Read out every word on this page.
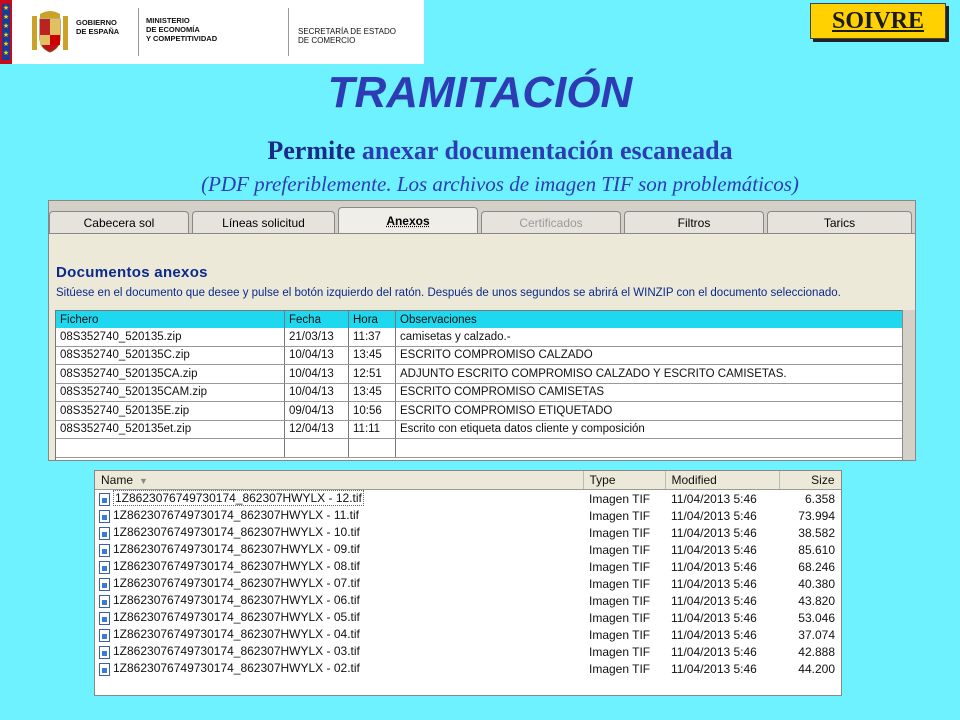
★
★
★
★
★
★
GOBIERNO
DE ESPAÑA
MINISTERIO
DE ECONOMÍA
Y COMPETITIVIDAD
SECRETARÍA DE ESTADO
DE COMERCIO
SOIVRE
TRAMITACIÓN
Permite anexar documentación escaneada
(PDF preferiblemente. Los archivos de imagen TIF son problemáticos)
Cabecera sol	Líneas solicitud	Anexos	Certificados	Filtros	Tarics
Documentos anexos
Sitúese en el documento que desee y pulse el botón izquierdo del ratón. Después de unos segundos se abrirá el WINZIP con el documento seleccionado.
Fichero	Fecha	Hora	Observaciones
08S352740_520135.zip	21/03/13	11:37	camisetas y calzado.-
08S352740_520135C.zip	10/04/13	13:45	ESCRITO COMPROMISO CALZADO
08S352740_520135CA.zip	10/04/13	12:51	ADJUNTO ESCRITO COMPROMISO CALZADO Y ESCRITO CAMISETAS.
08S352740_520135CAM.zip	10/04/13	13:45	ESCRITO COMPROMISO CAMISETAS
08S352740_520135E.zip	09/04/13	10:56	ESCRITO COMPROMISO ETIQUETADO
08S352740_520135et.zip	12/04/13	11:11	Escrito con etiqueta datos cliente y composición

Name ▼	Type	Modified	Size
1Z8623076749730174_862307HWYLX - 12.tif	Imagen TIF	11/04/2013 5:46	6.358
1Z8623076749730174_862307HWYLX - 11.tif	Imagen TIF	11/04/2013 5:46	73.994
1Z8623076749730174_862307HWYLX - 10.tif	Imagen TIF	11/04/2013 5:46	38.582
1Z8623076749730174_862307HWYLX - 09.tif	Imagen TIF	11/04/2013 5:46	85.610
1Z8623076749730174_862307HWYLX - 08.tif	Imagen TIF	11/04/2013 5:46	68.246
1Z8623076749730174_862307HWYLX - 07.tif	Imagen TIF	11/04/2013 5:46	40.380
1Z8623076749730174_862307HWYLX - 06.tif	Imagen TIF	11/04/2013 5:46	43.820
1Z8623076749730174_862307HWYLX - 05.tif	Imagen TIF	11/04/2013 5:46	53.046
1Z8623076749730174_862307HWYLX - 04.tif	Imagen TIF	11/04/2013 5:46	37.074
1Z8623076749730174_862307HWYLX - 03.tif	Imagen TIF	11/04/2013 5:46	42.888
1Z8623076749730174_862307HWYLX - 02.tif	Imagen TIF	11/04/2013 5:46	44.200
